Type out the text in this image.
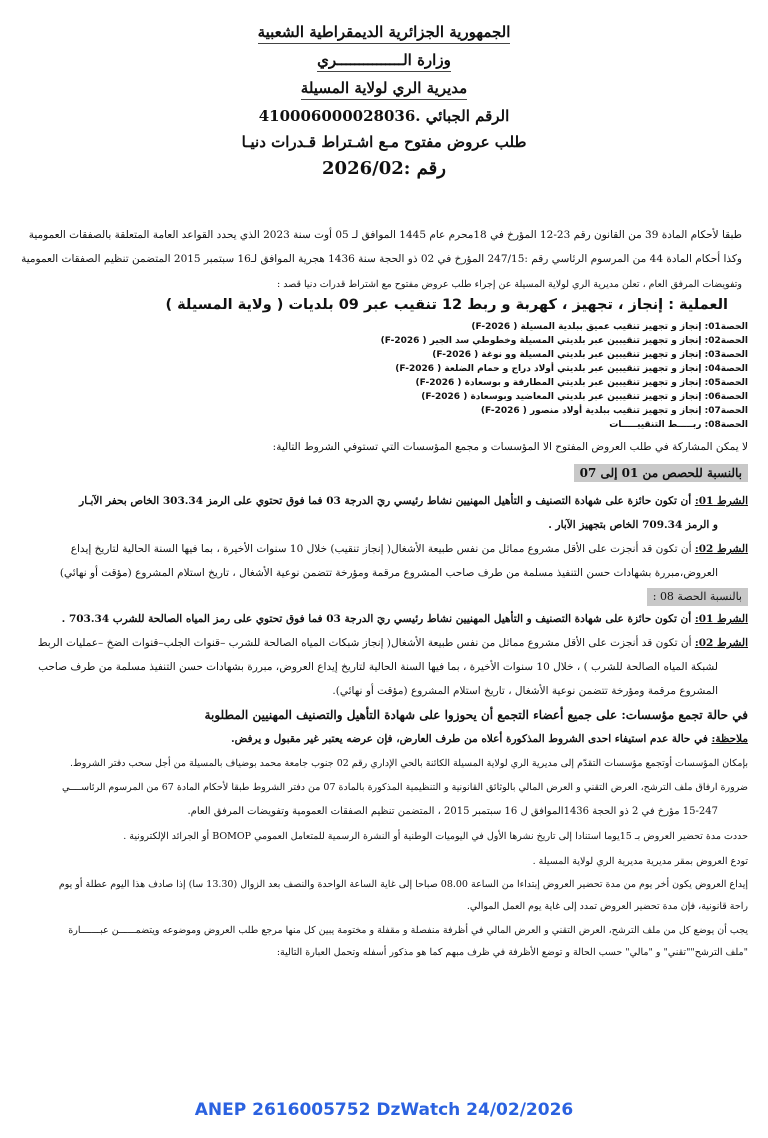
الجمهورية الجزائرية الديمقراطية الشعبية
وزارة الـــــــــــــــري
مديرية الري لولاية المسيلة
الرقم الجبائي .410006000028036
طلب عروض مفتوح مـع اشـتراط قـدرات دنيـا
رقم :2026/02
طبقا لأحكام المادة 39 من القانون رقم 23-12 المؤرخ في 18محرم عام 1445 الموافق لـ 05 أوت سنة 2023 الذي يحدد القواعد العامة المتعلقة بالصفقات العمومية
وكذا أحكام المادة 44 من المرسوم الرئاسي رقم :247/15 المؤرخ في 02 ذو الحجة سنة 1436 هجرية الموافق لـ16 سبتمبر 2015 المتضمن تنظيم الصفقات العمومية
وتفويضات المرفق العام ، تعلن مديرية الري لولاية المسيلة عن إجراء طلب عروض مفتوح مع اشتراط قدرات دنيا قصد :
العملية : إنجاز ، تجهيز ، كهربة و ربط 12 تنقيب عبر 09 بلديات ( ولاية المسيلة )
الحصة01: إنجاز و تجهيز تنقيب عميق ببلدية المسيلة ( F-2026)
الحصة02: إنجاز و تجهيز تنقيبين عبر بلديتي المسيلة وخطوطي سد الجير ( F-2026)
الحصة03: إنجاز و تجهيز تنقيبين عبر بلديتي المسيلة وو نوغة ( F-2026)
الحصة04: إنجاز و تجهيز تنقيبين عبر بلديتي أولاد دراج و حمام الضلعة ( F-2026)
الحصة05: إنجاز و تجهيز تنقيبين عبر بلديتي المطارفة و بوسعادة ( F-2026)
الحصة06: إنجاز و تجهيز تنقيبين عبر بلديتي المعاضيد وبوسعادة ( F-2026)
الحصة07: إنجاز و تجهيز تنقيب ببلدية أولاد منصور ( F-2026)
الحصة08: ربـــــط التنقيبـــــات
لا يمكن المشاركة في طلب العروض المفتوح الا المؤسسات و مجمع المؤسسات التي تستوفي الشروط التالية:
بالنسبة للحصص من 01 إلى 07
الشرط 01: أن تكون حائزة على شهادة التصنيف و التأهيل المهنيين نشاط رئيسي ريَ الدرجة 03 فما فوق تحتوي على الرمز 303.34 الخاص بحفر الآبـار
و الرمز 709.34 الخاص بتجهيز الآبار .
الشرط 02: أن تكون قد أنجزت على الأقل مشروع مماثل من نفس طبيعة الأشغال( إنجاز تنقيب) خلال 10 سنوات الأخيرة ، بما فيها السنة الحالية لتاريخ إيداع
العروض،مبررة بشهادات حسن التنفيذ مسلمة من طرف صاحب المشروع مرقمة ومؤرخة تتضمن نوعية الأشغال ، تاريخ استلام المشروع (مؤقت أو نهائي)
بالنسبة الحصة 08 :
الشرط 01: أن تكون حائزة على شهادة التصنيف و التأهيل المهنيين نشاط رئيسي ريَ الدرجة 03 فما فوق تحتوي على رمز المياه الصالحة للشرب 703.34 .
الشرط 02: أن تكون قد أنجزت على الأقل مشروع مماثل من نفس طبيعة الأشغال( إنجاز شبكات المياه الصالحة للشرب –قنوات الجلب–قنوات الضخ –عمليات الربط
لشبكة المياه الصالحة للشرب ) ، خلال 10 سنوات الأخيرة ، بما فيها السنة الحالية لتاريخ إيداع العروض، مبررة بشهادات حسن التنفيذ مسلمة من طرف صاحب
المشروع مرقمة ومؤرخة تتضمن نوعية الأشغال ، تاريخ استلام المشروع (مؤقت أو نهائي).
في حالة تجمع مؤسسات: على جميع أعضاء التجمع أن يحوزوا على شهادة التأهيل والتصنيف المهنيين المطلوبة
ملاحظة: في حالة عدم استيفاء احدى الشروط المذكورة أعلاه من طرف العارض، فإن عرضه يعتبر غير مقبول و يرفض.
بإمكان المؤسسات أوتجمع مؤسسات التقدّم إلى مديرية الري لولاية المسيلة الكائنة بالحي الإداري رقم 02 جنوب جامعة محمد بوضياف بالمسيلة من أجل سحب دفتر الشروط.
ضرورة ارفاق ملف الترشح، العرض التقني و العرض المالي بالوثائق القانونية و التنظيمية المذكورة بالمادة 07 من دفتر الشروط طبقا لأحكام المادة 67 من المرسوم الرئاســــي
15-247 مؤرخ في 2 ذو الحجة 1436الموافق ل 16 سبتمبر 2015 ، المتضمن تنظيم الصفقات العمومية وتفويضات المرفق العام.
حددت مدة تحضير العروض بـ 15يوما استنادا إلى تاريخ نشرها الأول في اليوميات الوطنية أو النشرة الرسمية للمتعامل العمومي BOMOP أو الجرائد الإلكترونية .
تودع العروض بمقر مديرية مديرية الري لولاية المسيلة .
إيداع العروض يكون أخر يوم من مدة تحضير العروض إبتداءا من الساعة 08.00 صباحا إلى غاية الساعة الواحدة والنصف بعد الزوال (13.30 سا) إذا صادف هذا اليوم عطلة أو يوم
راحة قانونية، فإن مدة تحضير العروض تمدد إلى غاية يوم العمل الموالي.
يجب أن يوضع كل من ملف الترشح، العرض التقني و العرض المالي في أظرفة منفصلة و مقفلة و مختومة يبين كل منها مرجع طلب العروض وموضوعه ويتضمــــــن عبـــــــارة
"ملف الترشح""تقني" و "مالي" حسب الحالة و توضع الأظرفة في ظرف مبهم كما هو مذكور أسفله وتحمل العبارة التالية:
ANEP 2616005752 DzWatch 24/02/2026
